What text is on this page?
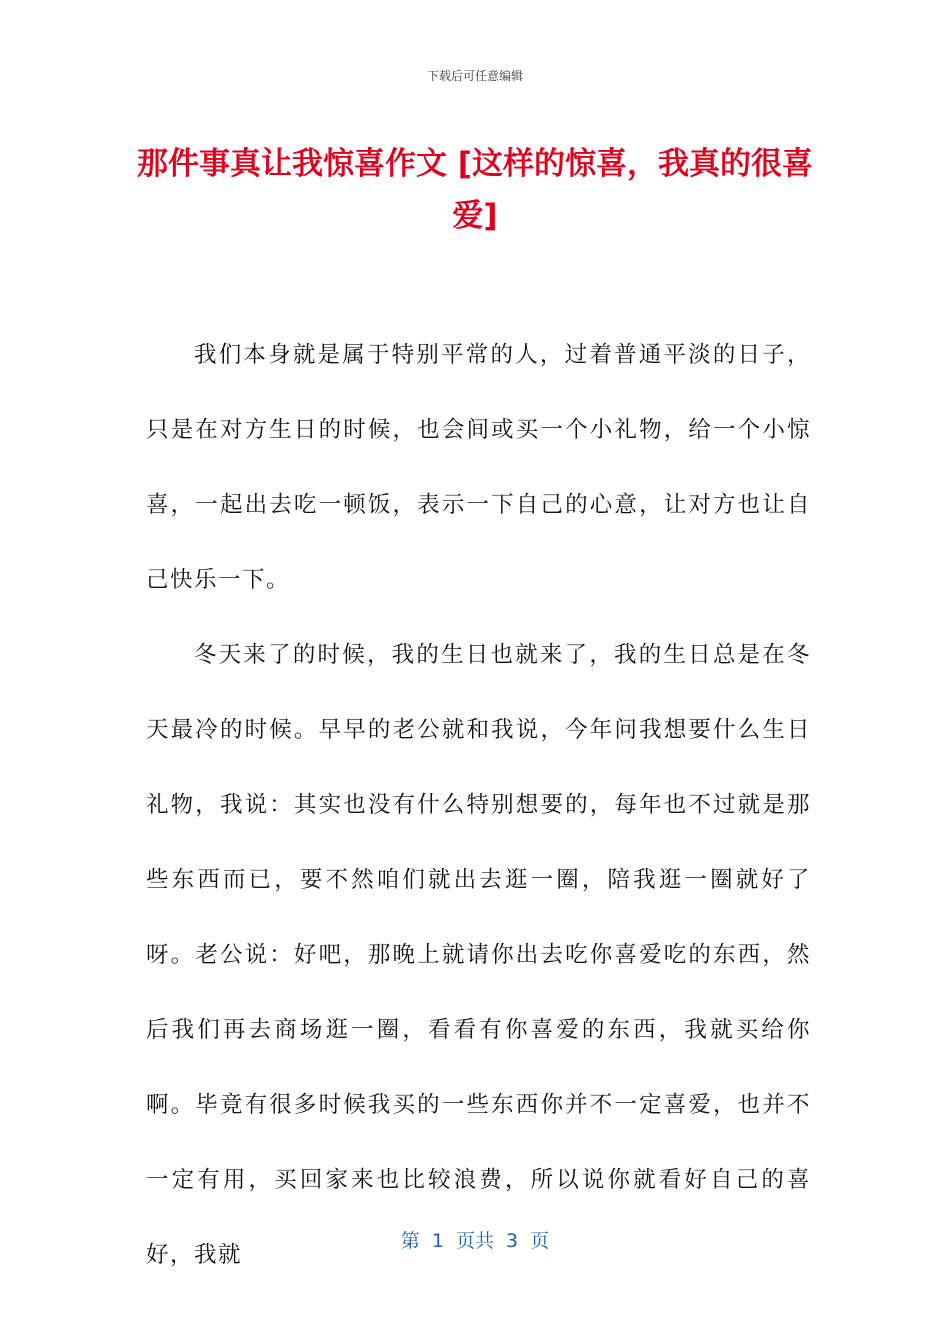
下载后可任意编辑
那件事真让我惊喜作文 [这样的惊喜，我真的很喜爱]

我们本身就是属于特别平常的人，过着普通平淡的日子，只是在对方生日的时候，也会间或买一个小礼物，给一个小惊喜，一起出去吃一顿饭，表示一下自己的心意，让对方也让自己快乐一下。

冬天来了的时候，我的生日也就来了，我的生日总是在冬天最冷的时候。早早的老公就和我说，今年问我想要什么生日礼物，我说：其实也没有什么特别想要的，每年也不过就是那些东西而已，要不然咱们就出去逛一圈，陪我逛一圈就好了呀。老公说：好吧，那晚上就请你出去吃你喜爱吃的东西，然后我们再去商场逛一圈，看看有你喜爱的东西，我就买给你啊。毕竟有很多时候我买的一些东西你并不一定喜爱，也并不一定有用，买回家来也比较浪费，所以说你就看好自己的喜好，我就

第 1 页共 3 页
